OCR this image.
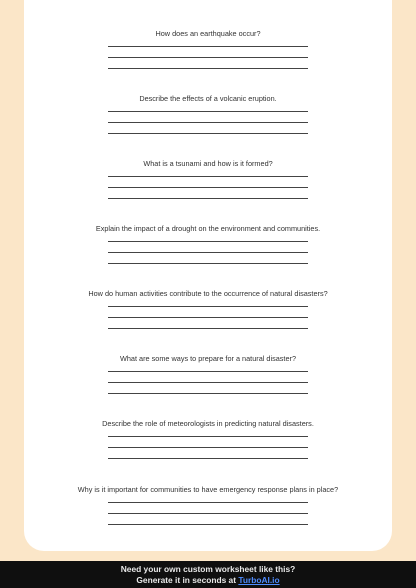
How does an earthquake occur?
Describe the effects of a volcanic eruption.
What is a tsunami and how is it formed?
Explain the impact of a drought on the environment and communities.
How do human activities contribute to the occurrence of natural disasters?
What are some ways to prepare for a natural disaster?
Describe the role of meteorologists in predicting natural disasters.
Why is it important for communities to have emergency response plans in place?
Need your own custom worksheet like this?
Generate it in seconds at TurboAI.io
